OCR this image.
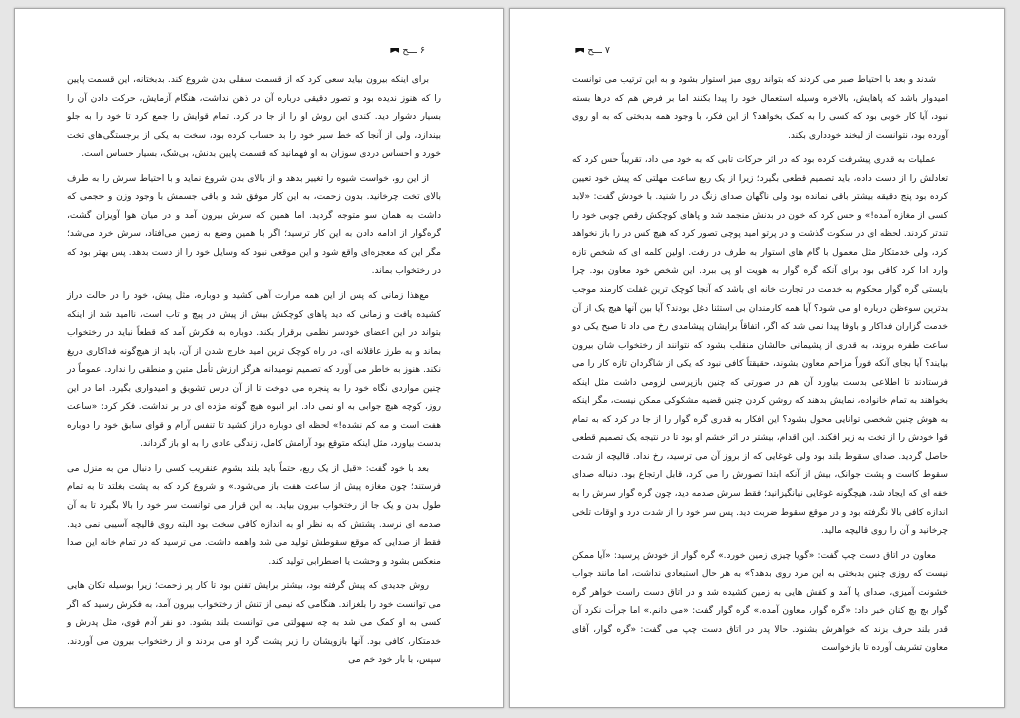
۶ ـــح

برای اینکه بیرون بیاید سعی کرد که از قسمت سفلی بدن شروع کند. بدبختانه، این قسمت پایین را که هنوز ندیده بود و تصور دقیقی درباره آن در ذهن نداشت، هنگام آزمایش، حرکت دادن آن را بسیار دشوار دید. کندی این روش او را از جا در کرد. تمام قوایش را جمع کرد تا خود را به جلو بیندازد، ولی از آنجا که خط سیر خود را بد حساب کرده بود، سخت به یکی از برجستگی‌های تخت خورد و احساس دردی سوزان به او فهمانید که قسمت پایین بدنش، بی‌شک، بسیار حساس است.

از این رو، خواست شیوه را تغییر بدهد و از بالای بدن شروع نماید و با احتیاط سرش را به طرف بالای تخت چرخانید. بدون زحمت، به این کار موفق شد و باقی جسمش با وجود وزن و حجمی که داشت به همان سو متوجه گردید. اما همین که سرش بیرون آمد و در میان هوا آویزان گشت، گره‌گوار از ادامه دادن به این کار ترسید؛ اگر با همین وضع به زمین می‌افتاد، سرش خرد می‌شد؛ مگر این که معجزه‌ای واقع شود و این موقعی نبود که وسایل خود را از دست بدهد. پس بهتر بود که در رختخواب بماند.

مع‌هذا زمانی که پس از این همه مرارت آهی کشید و دوباره، مثل پیش، خود را در حالت دراز کشیده یافت و زمانی که دید پاهای کوچکش بیش از پیش در پیچ و تاب است، ناامید شد از اینکه بتواند در این اعضای خودسر نظمی برقرار بکند. دوباره به فکرش آمد که قطعاً نباید در رختخواب بماند و به طرز عاقلانه ای، در راه کوچک ترین امید خارج شدن از آن، باید از هیچ‌گونه فداکاری دریغ نکند. هنوز به خاطر می آورد که تصمیم نومیدانه هرگز ارزش تأمل متین و منطقی را ندارد. عموماً در چنین مواردی نگاه خود را به پنجره می دوخت تا از آن درس تشویق و امیدواری بگیرد. اما در این روز، کوچه هیچ جوابی به او نمی داد. ابر انبوه هیچ گونه مژده ای در بر نداشت. فکر کرد: «ساعت هفت است و مه کم نشده!» لحظه ای دوباره دراز کشید تا تنفس آرام و قوای سابق خود را دوباره بدست بیاورد، مثل اینکه متوقع بود آرامش کامل، زندگی عادی را به او باز گرداند.

بعد با خود گفت: «قبل از یک ربع، حتماً باید بلند بشوم عنقریب کسی را دنبال من به منزل می فرستند؛ چون مغازه پیش از ساعت هفت باز می‌شود.» و شروع کرد که به پشت بغلتد تا به تمام طول بدن و یک جا از رختخواب بیرون بیاید. به این قرار می توانست سر خود را بالا بگیرد تا به آن صدمه ای نرسد. پشتش که به نظر او به اندازه کافی سخت بود البته روی قالیچه آسیبی نمی دید. فقط از صدایی که موقع سقوطش تولید می شد واهمه داشت. می ترسید که در تمام خانه این صدا منعکس بشود و وحشت یا اضطرابی تولید کند.

روش جدیدی که پیش گرفته بود، بیشتر برایش تفنن بود تا کار پر زحمت؛ زیرا بوسیله تکان هایی می توانست خود را بلغزاند. هنگامی که نیمی از تنش از رختخواب بیرون آمد، به فکرش رسید که اگر کسی به او کمک می شد به چه سهولتی می توانست بلند بشود. دو نفر آدم قوی، مثل پدرش و خدمتکار، کافی بود. آنها بازویشان را زیر پشت گرد او می بردند و از رختخواب بیرون می آوردند. سپس، با بار خود خم می

۷ ـــح

شدند و بعد با احتیاط صبر می کردند که بتواند روی میز استوار بشود و به این ترتیب می توانست امیدوار باشد که پاهایش، بالاخره وسیله استعمال خود را پیدا بکنند اما بر فرض هم که درها بسته نبود، آیا کار خوبی بود که کسی را به کمک بخواهد؟ از این فکر، با وجود همه بدبختی که به او روی آورده بود، نتوانست از لبخند خودداری بکند.

عملیات به قدری پیشرفت کرده بود که در اثر حرکات تابی که به خود می داد، تقریباً حس کرد که تعادلش را از دست داده، باید تصمیم قطعی بگیرد؛ زیرا از یک ربع ساعت مهلتی که پیش خود تعیین کرده بود پنج دقیقه بیشتر باقی نمانده بود ولی ناگهان صدای زنگ در را شنید. با خودش گفت: «لابد کسی از مغازه آمده!» و حس کرد که خون در بدنش منجمد شد و پاهای کوچکش رقص چوبی خود را تندتر کردند. لحظه ای در سکوت گذشت و در پرتو امید پوچی تصور کرد که هیچ کس در را باز نخواهد کرد، ولی خدمتکار مثل معمول با گام های استوار به طرف در رفت. اولین کلمه ای که شخص تازه وارد ادا کرد کافی بود برای آنکه گره گوار به هویت او پی ببرد. این شخص خود معاون بود. چرا بایستی گره گوار محکوم به خدمت در تجارت خانه ای باشد که آنجا کوچک ترین غفلت کارمند موجب بدترین سوءظن درباره او می شود؟ آیا همه کارمندان بی استثنا دغل بودند؟ آیا بین آنها هیچ یک از آن خدمت گزاران فداکار و باوفا پیدا نمی شد که اگر، اتفاقاً برایشان پیشامدی رخ می داد تا صبح یکی دو ساعت طفره بروند، به قدری از پشیمانی حالشان منقلب بشود که نتوانند از رختخواب شان بیرون بیایند؟ آیا بجای آنکه فوراً مزاحم معاون بشوند، حقیقتاً کافی نبود که یکی از شاگردان تازه کار را می فرستادند تا اطلاعی بدست بیاورد آن هم در صورتی که چنین بازپرسی لزومی داشت مثل اینکه بخواهند به تمام خانواده، نمایش بدهند که روشن کردن چنین قضیه مشکوکی ممکن نیست، مگر اینکه به هوش چنین شخصی توانایی محول بشود؟ این افکار به قدری گره گوار را از جا در کرد که به تمام قوا خودش را از تخت به زیر افکند. این اقدام، بیشتر در اثر خشم او بود تا در نتیجه یک تصمیم قطعی حاصل گردید. صدای سقوط بلند بود ولی غوغایی که از بروز آن می ترسید، رخ نداد. قالیچه از شدت سقوط کاست و پشت جوانک، بیش از آنکه ابتدا تصورش را می کرد، قابل ارتجاع بود. دنباله صدای خفه ای که ایجاد شد، هیچگونه غوغایی نیانگیزانید؛ فقط سرش صدمه دید، چون گره گوار سرش را به اندازه کافی بالا نگرفته بود و در موقع سقوط ضربت دید. پس سر خود را از شدت درد و اوقات تلخی چرخانید و آن را روی قالیچه مالید.

معاون در اتاق دست چپ گفت: «گویا چیزی زمین خورد.» گره گوار از خودش پرسید: «آیا ممکن نیست که روزی چنین بدبختی به این مرد روی بدهد؟» به هر حال استبعادی نداشت، اما مانند جواب خشونت آمیزی، صدای پا آمد و کفش هایی به زمین کشیده شد و در اتاق دست راست خواهر گره گوار بچ بچ کنان خبر داد: «گره گوار، معاون آمده.» گره گوار گفت: «می دانم.» اما جرأت نکرد آن قدر بلند حرف بزند که خواهرش بشنود. حالا پدر در اتاق دست چپ می گفت: «گره گوار، آقای معاون تشریف آورده تا بازخواست
